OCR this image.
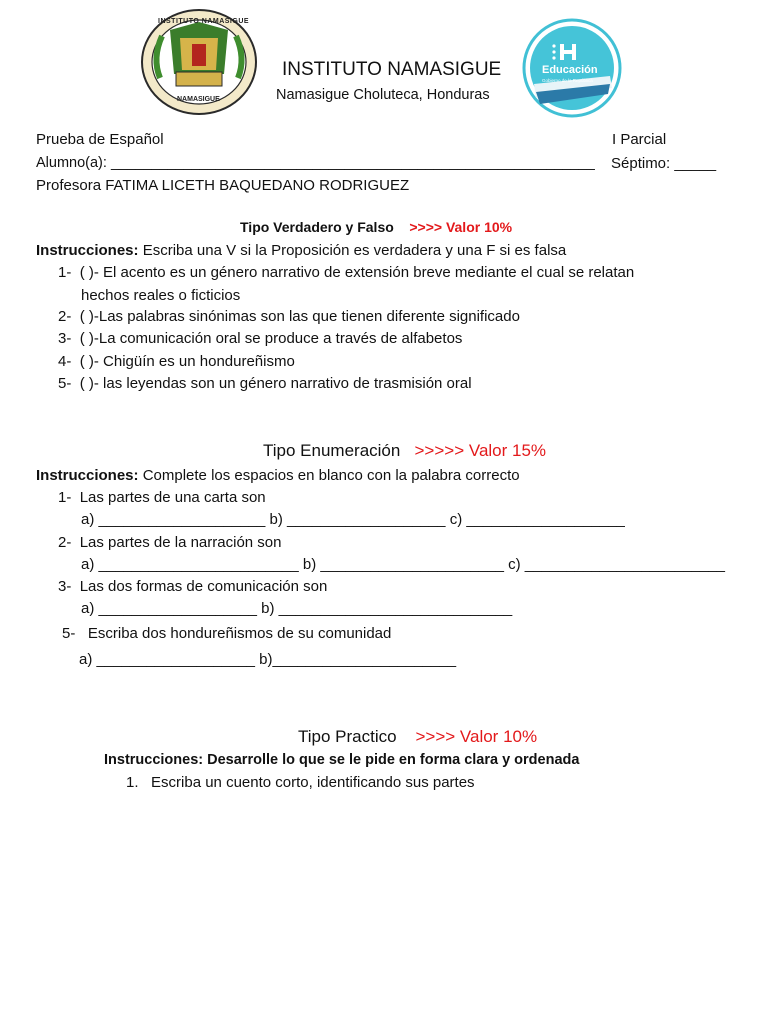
INSTITUTO NAMASIGUE
NAMASIGUE
Educación
Gobierno de la República
INSTITUTO NAMASIGUE
Namasigue Choluteca, Honduras
Prueba de Español	I Parcial
Alumno(a): ____________________________________________________________ Séptimo: _____
Profesora FATIMA LICETH BAQUEDANO RODRIGUEZ
Tipo Verdadero y Falso >>>> Valor 10%
Instrucciones: Escriba una V si la Proposición es verdadera y una F si es falsa
1- ( )- El acento es un género narrativo de extensión breve mediante el cual se relatan
hechos reales o ficticios
2- ( )-Las palabras sinónimas son las que tienen diferente significado
3- ( )-La comunicación oral se produce a través de alfabetos
4- ( )- Chigüín es un hondureñismo
5- ( )- las leyendas son un género narrativo de trasmisión oral
Tipo Enumeración >>>>> Valor 15%
Instrucciones: Complete los espacios en blanco con la palabra correcto
1- Las partes de una carta son
a) ____________________ b) ___________________ c) ___________________
2- Las partes de la narración son
a) ________________________ b) ______________________ c) ________________________
3- Las dos formas de comunicación son
a) ___________________ b) ____________________________
5- Escriba dos hondureñismos de su comunidad
a) ___________________ b)______________________
Tipo Practico >>>> Valor 10%
Instrucciones: Desarrolle lo que se le pide en forma clara y ordenada
1. Escriba un cuento corto, identificando sus partes
